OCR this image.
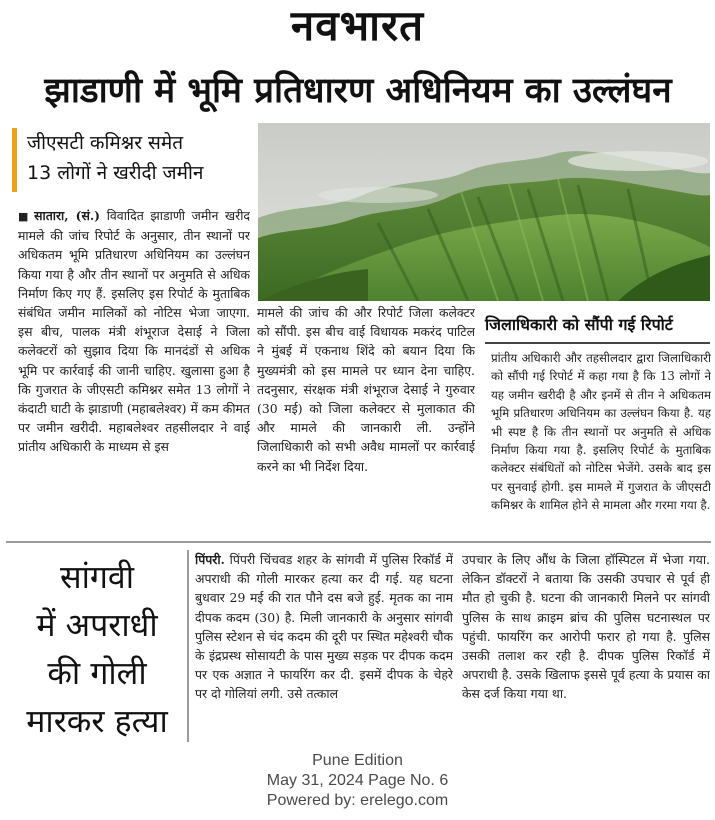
नवभारत
झाडाणी में भूमि प्रतिधारण अधिनियम का उल्लंघन
जीएसटी कमिश्नर समेत
13 लोगों ने खरीदी जमीन
■ सातारा, (सं.) विवादित झाडाणी जमीन खरीद मामले की जांच रिपोर्ट के अनुसार, तीन स्थानों पर अधिकतम भूमि प्रतिधारण अधिनियम का उल्लंघन किया गया है और तीन स्थानों पर अनुमति से अधिक निर्माण किए गए हैं. इसलिए इस रिपोर्ट के मुताबिक संबंधित जमीन मालिकों को नोटिस भेजा जाएगा. इस बीच, पालक मंत्री शंभूराज देसाई ने जिला कलेक्टरों को सुझाव दिया कि मानदंडों से अधिक भूमि पर कार्रवाई की जानी चाहिए. खुलासा हुआ है कि गुजरात के जीएसटी कमिश्नर समेत 13 लोगों ने कंदाटी घाटी के झाडाणी (महाबलेश्वर) में कम कीमत पर जमीन खरीदी. महाबलेश्वर तहसीलदार ने वाई प्रांतीय अधिकारी के माध्यम से इस
मामले की जांच की और रिपोर्ट जिला कलेक्टर को सौंपी. इस बीच वाई विधायक मकरंद पाटिल ने मुंबई में एकनाथ शिंदे को बयान दिया कि मुख्यमंत्री को इस मामले पर ध्यान देना चाहिए. तदनुसार, संरक्षक मंत्री शंभूराज देसाई ने गुरुवार (30 मई) को जिला कलेक्टर से मुलाकात की और मामले की जानकारी ली. उन्होंने जिलाधिकारी को सभी अवैध मामलों पर कार्रवाई करने का भी निर्देश दिया.
जिलाधिकारी को सौंपी गई रिपोर्ट
प्रांतीय अधिकारी और तहसीलदार द्वारा जिलाधिकारी को सौंपी गई रिपोर्ट में कहा गया है कि 13 लोगों ने यह जमीन खरीदी है और इनमें से तीन ने अधिकतम भूमि प्रतिधारण अधिनियम का उल्लंघन किया है. यह भी स्पष्ट है कि तीन स्थानों पर अनुमति से अधिक निर्माण किया गया है. इसलिए रिपोर्ट के मुताबिक कलेक्टर संबंधितों को नोटिस भेजेंगे. उसके बाद इस पर सुनवाई होगी. इस मामले में गुजरात के जीएसटी कमिश्नर के शामिल होने से मामला और गरमा गया है.
सांगवी
में अपराधी
की गोली
मारकर हत्या
पिंपरी. पिंपरी चिंचवड शहर के सांगवी में पुलिस रिकॉर्ड में अपराधी की गोली मारकर हत्या कर दी गई. यह घटना बुधवार 29 मई की रात पौने दस बजे हुई. मृतक का नाम दीपक कदम (30) है. मिली जानकारी के अनुसार सांगवी पुलिस स्टेशन से चंद कदम की दूरी पर स्थित महेश्वरी चौक के इंद्रप्रस्थ सोसायटी के पास मुख्य सड़क पर दीपक कदम पर एक अज्ञात ने फायरिंग कर दी. इसमें दीपक के चेहरे पर दो गोलियां लगी. उसे तत्काल
उपचार के लिए औंध के जिला हॉस्पिटल में भेजा गया. लेकिन डॉक्टरों ने बताया कि उसकी उपचार से पूर्व ही मौत हो चुकी है. घटना की जानकारी मिलने पर सांगवी पुलिस के साथ क्राइम ब्रांच की पुलिस घटनास्थल पर पहुंची. फायरिंग कर आरोपी फरार हो गया है. पुलिस उसकी तलाश कर रही है. दीपक पुलिस रिकॉर्ड में अपराधी है. उसके खिलाफ इससे पूर्व हत्या के प्रयास का केस दर्ज किया गया था.
Pune Edition
May 31, 2024 Page No. 6
Powered by: erelego.com
